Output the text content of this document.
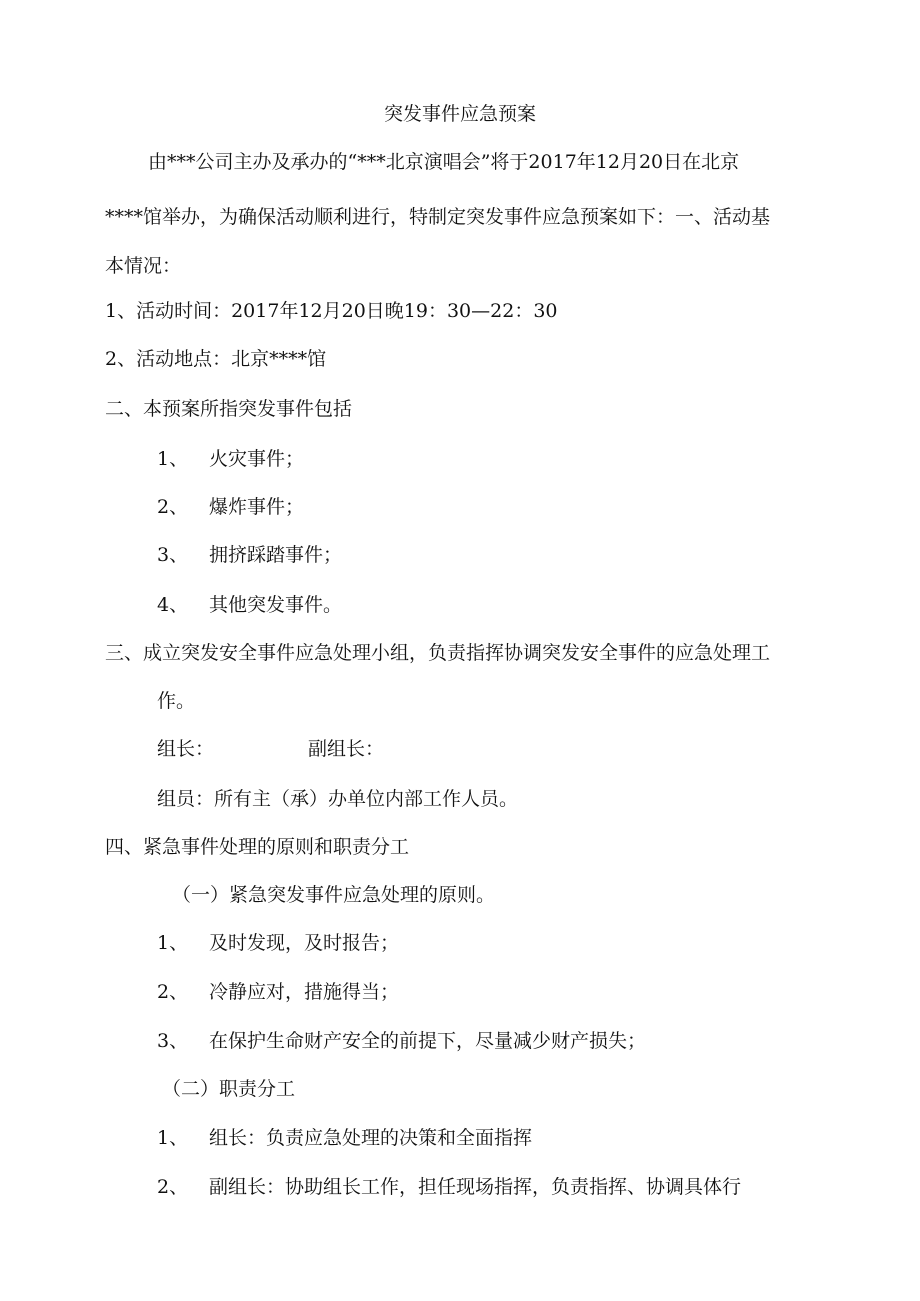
突发事件应急预案
由***公司主办及承办的“***北京演唱会”将于2017年12月20日在北京
****馆举办，为确保活动顺利进行，特制定突发事件应急预案如下：一、活动基
本情况：
1、活动时间：2017年12月20日晚19：30—22：30
2、活动地点：北京****馆
二、本预案所指突发事件包括
1、 火灾事件；
2、 爆炸事件；
3、 拥挤踩踏事件；
4、 其他突发事件。
三、成立突发安全事件应急处理小组，负责指挥协调突发安全事件的应急处理工
作。
组长：	副组长：
组员：所有主（承）办单位内部工作人员。
四、紧急事件处理的原则和职责分工
（一）紧急突发事件应急处理的原则。
1、 及时发现，及时报告；
2、 冷静应对，措施得当；
3、 在保护生命财产安全的前提下，尽量减少财产损失；
（二）职责分工
1、 组长：负责应急处理的决策和全面指挥
2、 副组长：协助组长工作，担任现场指挥，负责指挥、协调具体行
